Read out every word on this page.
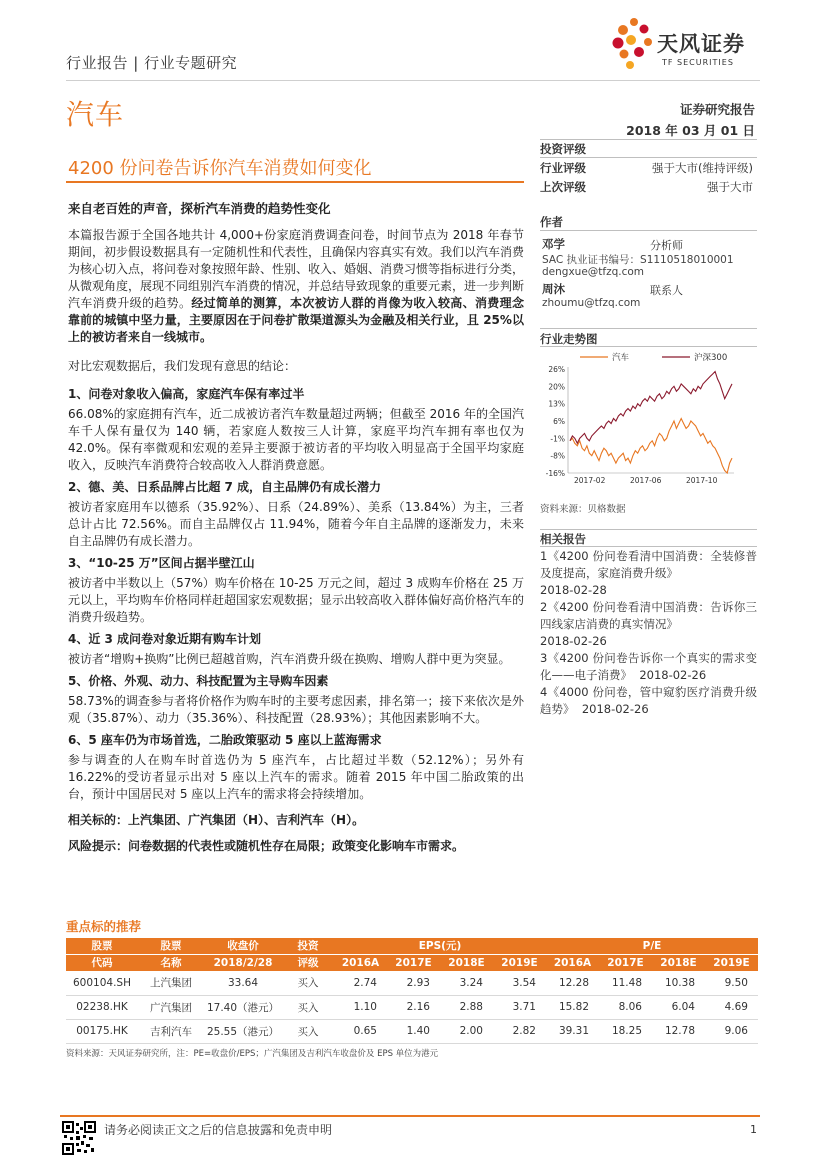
行业报告 | 行业专题研究
天风证券
TF SECURITIES
汽车	证券研究报告
2018 年 03 月 01 日
4200 份问卷告诉你汽车消费如何变化
来自老百姓的声音，探析汽车消费的趋势性变化
本篇报告源于全国各地共计 4,000+份家庭消费调查问卷，时间节点为 2018 年春节期间，初步假设数据具有一定随机性和代表性，且确保内容真实有效。我们以汽车消费为核心切入点，将问卷对象按照年龄、性别、收入、婚姻、消费习惯等指标进行分类，从微观角度，展现不同组别汽车消费的情况，并总结导致现象的重要元素，进一步判断汽车消费升级的趋势。经过简单的测算，本次被访人群的肖像为收入较高、消费理念靠前的城镇中坚力量，主要原因在于问卷扩散渠道源头为金融及相关行业，且 25%以上的被访者来自一线城市。
对比宏观数据后，我们发现有意思的结论：
1、问卷对象收入偏高，家庭汽车保有率过半
66.08%的家庭拥有汽车，近二成被访者汽车数量超过两辆；但截至 2016 年的全国汽车千人保有量仅为 140 辆，若家庭人数按三人计算，家庭平均汽车拥有率也仅为 42.0%。保有率微观和宏观的差异主要源于被访者的平均收入明显高于全国平均家庭收入，反映汽车消费符合较高收入人群消费意愿。
2、德、美、日系品牌占比超 7 成，自主品牌仍有成长潜力
被访者家庭用车以德系（35.92%）、日系（24.89%）、美系（13.84%）为主，三者总计占比 72.56%。而自主品牌仅占 11.94%，随着今年自主品牌的逐渐发力，未来自主品牌仍有成长潜力。
3、“10-25 万”区间占据半壁江山
被访者中半数以上（57%）购车价格在 10-25 万元之间，超过 3 成购车价格在 25 万元以上，平均购车价格同样赶超国家宏观数据；显示出较高收入群体偏好高价格汽车的消费升级趋势。
4、近 3 成问卷对象近期有购车计划
被访者“增购+换购”比例已超越首购，汽车消费升级在换购、增购人群中更为突显。
5、价格、外观、动力、科技配置为主导购车因素
58.73%的调查参与者将价格作为购车时的主要考虑因素，排名第一；接下来依次是外观（35.87%）、动力（35.36%）、科技配置（28.93%）；其他因素影响不大。
6、5 座车仍为市场首选，二胎政策驱动 5 座以上蓝海需求
参与调查的人在购车时首选仍为 5 座汽车，占比超过半数（52.12%）；另外有 16.22%的受访者显示出对 5 座以上汽车的需求。随着 2015 年中国二胎政策的出台，预计中国居民对 5 座以上汽车的需求将会持续增加。
相关标的：上汽集团、广汽集团（H）、吉利汽车（H）。
风险提示：问卷数据的代表性或随机性存在局限；政策变化影响车市需求。
投资评级
行业评级	强于大市(维持评级)
上次评级	强于大市
作者
邓学	分析师
SAC 执业证书编号：S1110518010001
dengxue@tfzq.com
周沐	联系人
zhoumu@tfzq.com
行业走势图
汽车	沪深300
26%
20%
13%
6%
-1%
-8%
-16%
2017-02	2017-06	2017-10
资料来源：贝格数据
相关报告
1《4200 份问卷看清中国消费：全装修普及度提高，家庭消费升级》
2018-02-28
2《4200 份问卷看清中国消费：告诉你三四线家店消费的真实情况》
2018-02-26
3《4200 份问卷告诉你一个真实的需求变化——电子消费》 2018-02-26
4《4000 份问卷，管中窥豹医疗消费升级趋势》 2018-02-26
重点标的推荐
股票	股票	收盘价	投资	EPS(元)				P/E			
代码	名称	2018/2/28	评级	2016A	2017E	2018E	2019E	2016A	2017E	2018E	2019E
600104.SH	上汽集团	33.64	买入	2.74	2.93	3.24	3.54	12.28	11.48	10.38	9.50
02238.HK	广汽集团	17.40（港元）	买入	1.10	2.16	2.88	3.71	15.82	8.06	6.04	4.69
00175.HK	吉利汽车	25.55（港元）	买入	0.65	1.40	2.00	2.82	39.31	18.25	12.78	9.06
资料来源：天风证券研究所，注：PE=收盘价/EPS；广汽集团及吉利汽车收盘价及 EPS 单位为港元
请务必阅读正文之后的信息披露和免责申明	1
